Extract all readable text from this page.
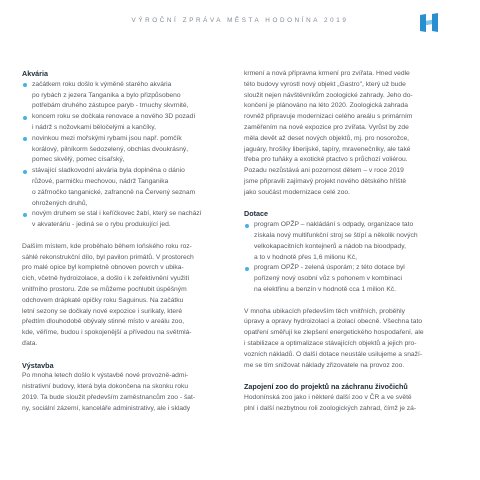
VÝROČNÍ ZPRÁVA MĚSTA HODONÍNA 2019

Akvária

začátkem roku došlo k výměně starého akvária

po rybách z jezera Tanganika a bylo přizpůsobeno

potřebám druhého zástupce paryb - trnuchy skvrnité,

koncem roku se dočkala renovace a nového 3D pozadí

i nádrž s nožovkami běločelými a kančíky,

novinkou mezi mořskými rybami jsou např. pomčík

korálový, pilníkorm šedozelený, obchlas dvoukrásný,

pomec skvělý, pomec císařský,

stávající sladkovodní akvária byla doplněna o dánio

růžové, parmičku mechovou, nádrž Tanganika

o záfrnočko tanganické, zafrancně na Červený seznam

ohrožených druhů,

novým druhem se stal i keříčkovec žabí, který se nachází

v akvateráriu - jediná se o rybu produkující jed.

Dalším místem, kde proběhalo během loňského roku roz-

sáhlé rekonstrukční dílo, byl pavilon primátů. V prostorech

pro malé opice byl kompletně obnoven povrch v ubika-

cích, včetně hydroizolace, a došlo i k zefektivnění využití

vnitřního prostoru. Zde se můžeme pochlubit úspěšným

odchovem drápkaté opičky roku Saguinus. Na začátku

letní sezony se dočkaly nové expozice i surikaty, které

předtím dlouhodobě obývaly stinné místo v areálu zoo,

kde, věříme, budou i spokojenější a přívedou na světmlá-

ďata.

Výstavba

Po mnoha letech došlo k výstavbě nové provozně-admi-

nistrativní budovy, která byla dokončena na skonku roku

2019. Ta bude sloužit především zaměstnancům zoo - šat-

ny, sociální zázemí, kanceláře administrativy, ale i sklady

krmení a nová přípravna krmení pro zvířata. Hned vedle

této budovy vyrostl nový objekt „Gastro", který už bude

sloužit nejen návštěvníkům zoologické zahrady. Jeho do-

končení je plánováno na léto 2020. Zoologická zahrada

rovněž připravuje modernizaci celého areálu s primárním

zaměřením na nové expozice pro zvířata. Vyrůst by zde

měla devět až deset nových objektů, mj. pro nosorožce,

jaguáry, hrošíky liberijské, tapíry, mravenečníky, ale také

třeba pro tuňáky a exotické ptactvo s průchozí voliérou.

Pozadu nezůstává ani pozornost dětem – v roce 2019

jsme připravili zajímavý projekt nového dětského hřiště

jako součást modernizace celé zoo.

Dotace

program OPŽP – nakládání s odpady, organizace tato

získala nový multifunkční stroj se štípí a několik nových

velkokapacitních kontejnerů a nádob na bioodpady,

a to v hodnotě přes 1,6 milionu Kč,

program OPŽP - zelená úsporám; z této dotace byl

pořízený nový osobní vůz s pohonem v kombinaci

na elektřinu a benzín v hodnotě cca 1 milion Kč.

V mnoha ubikacích především těch vnitřních, proběhly

úpravy a opravy hydroizolací a izolací obecně. Všechna tato

opatření směřují ke zlepšení energetického hospodaření, ale

i stabilizace a optimalizace stávajících objektů a jejich pro-

vozních nákladů. O další dotace neustále usilujeme a snaží-

me se tím snižovat náklady zřizovatele na provoz zoo.

Zapojení zoo do projektů na záchranu živočichů

Hodonínská zoo jako i některé další zoo v ČR a ve světě

plní i další nezbytnou roli zoologických zahrad, čímž je zá-
